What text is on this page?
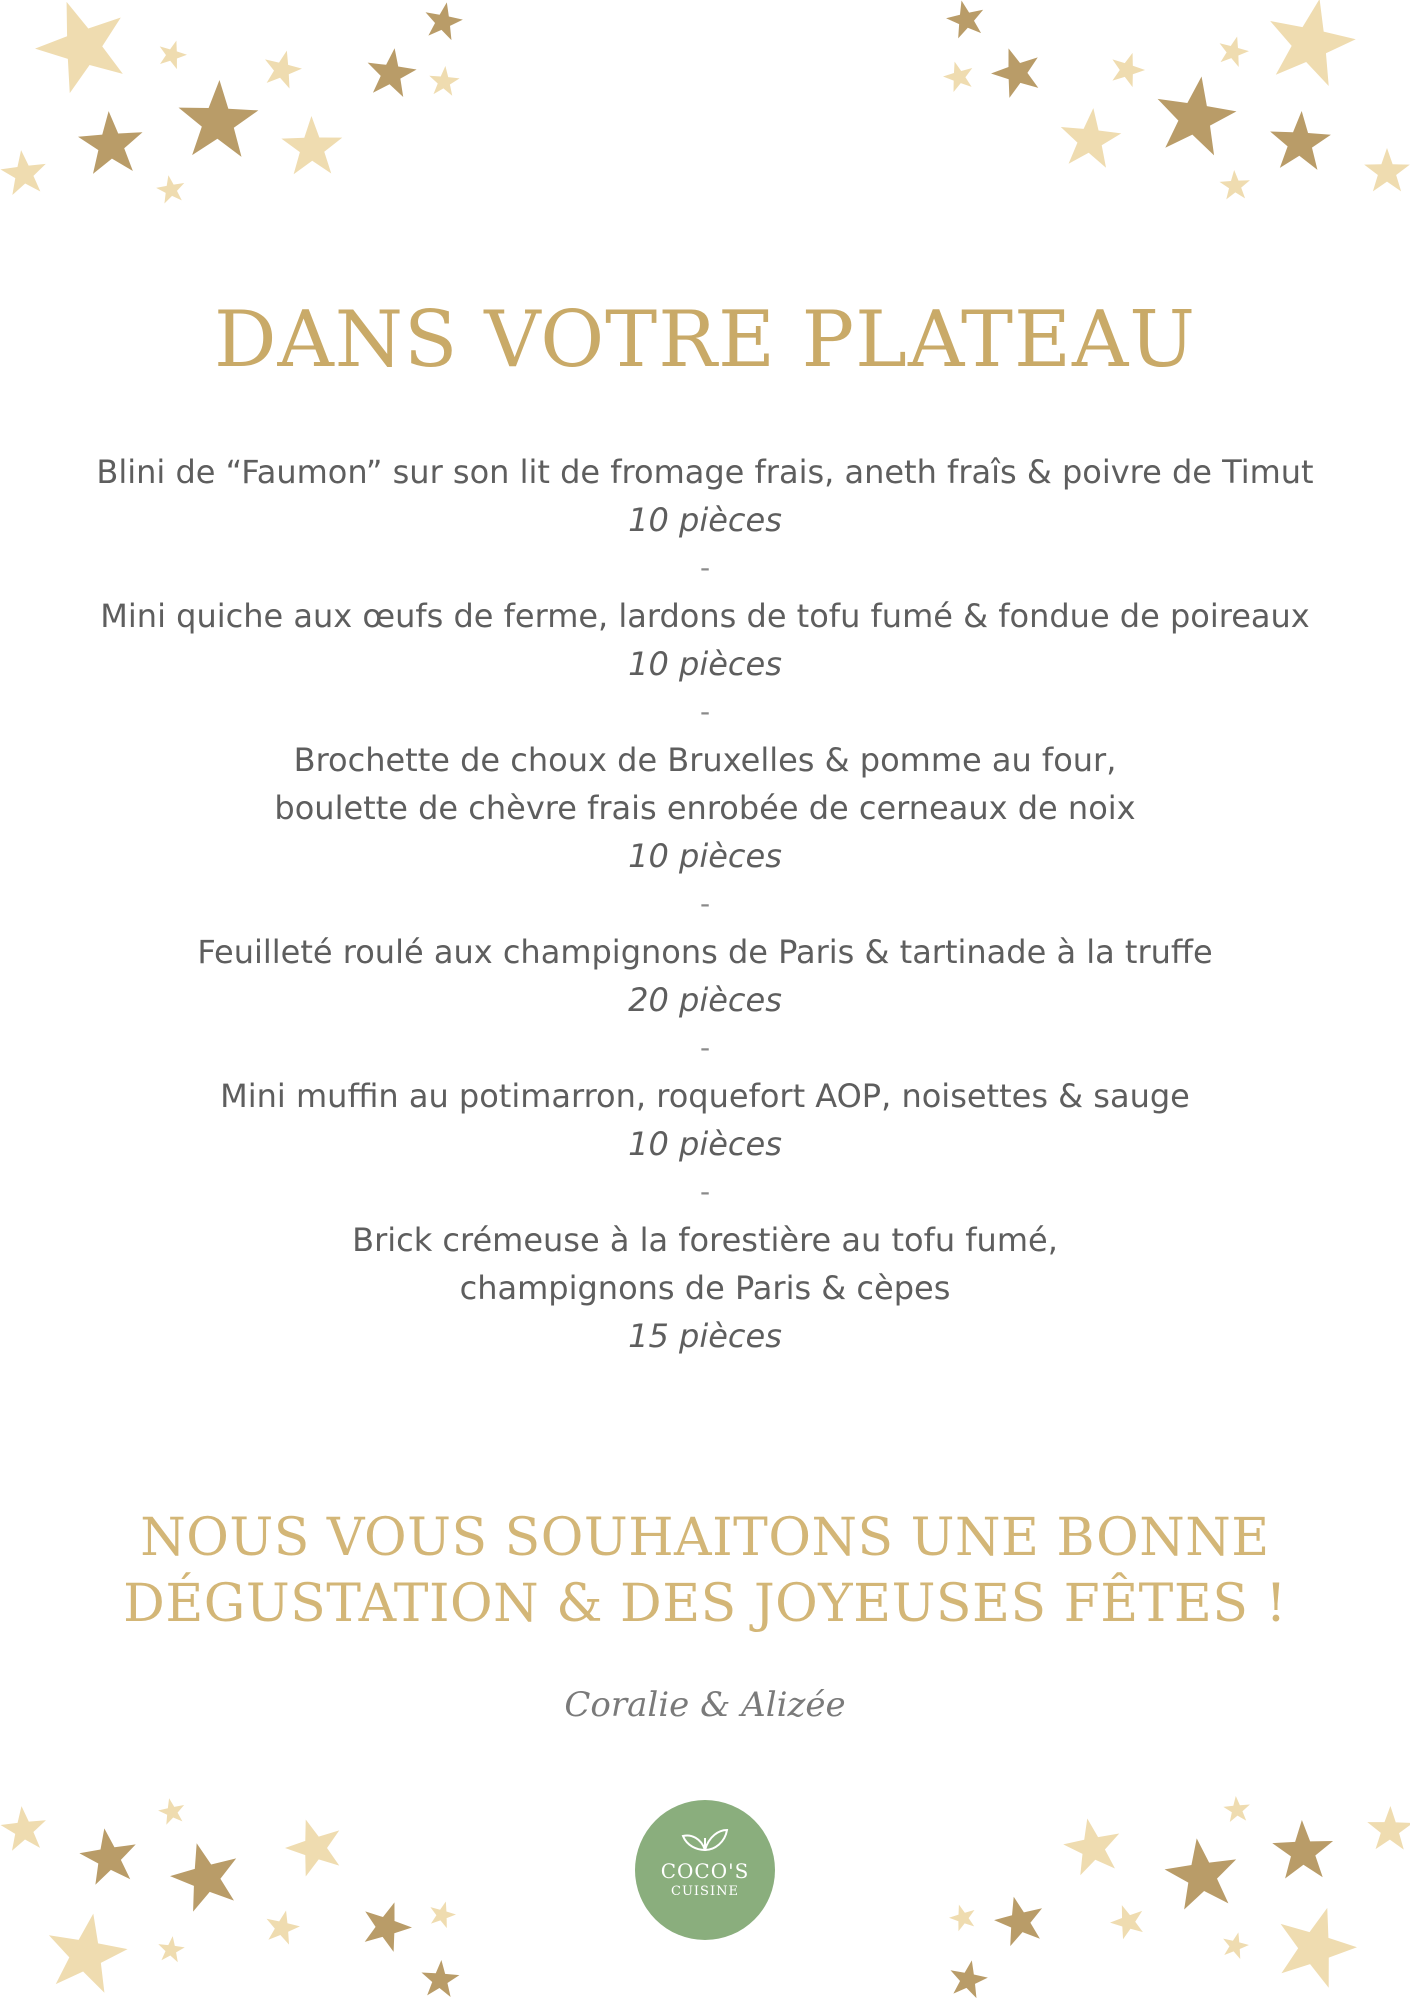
DANS VOTRE PLATEAU
Blini de “Faumon” sur son lit de fromage frais, aneth fraîs & poivre de Timut
10 pièces
-
Mini quiche aux œufs de ferme, lardons de tofu fumé & fondue de poireaux
10 pièces
-
Brochette de choux de Bruxelles & pomme au four,
boulette de chèvre frais enrobée de cerneaux de noix
10 pièces
-
Feuilleté roulé aux champignons de Paris & tartinade à la truffe
20 pièces
-
Mini muffin au potimarron, roquefort AOP, noisettes & sauge
10 pièces
-
Brick crémeuse à la forestière au tofu fumé,
champignons de Paris & cèpes
15 pièces
NOUS VOUS SOUHAITONS UNE BONNE
DÉGUSTATION & DES JOYEUSES FÊTES !
Coralie & Alizée
COCO'S
CUISINE
